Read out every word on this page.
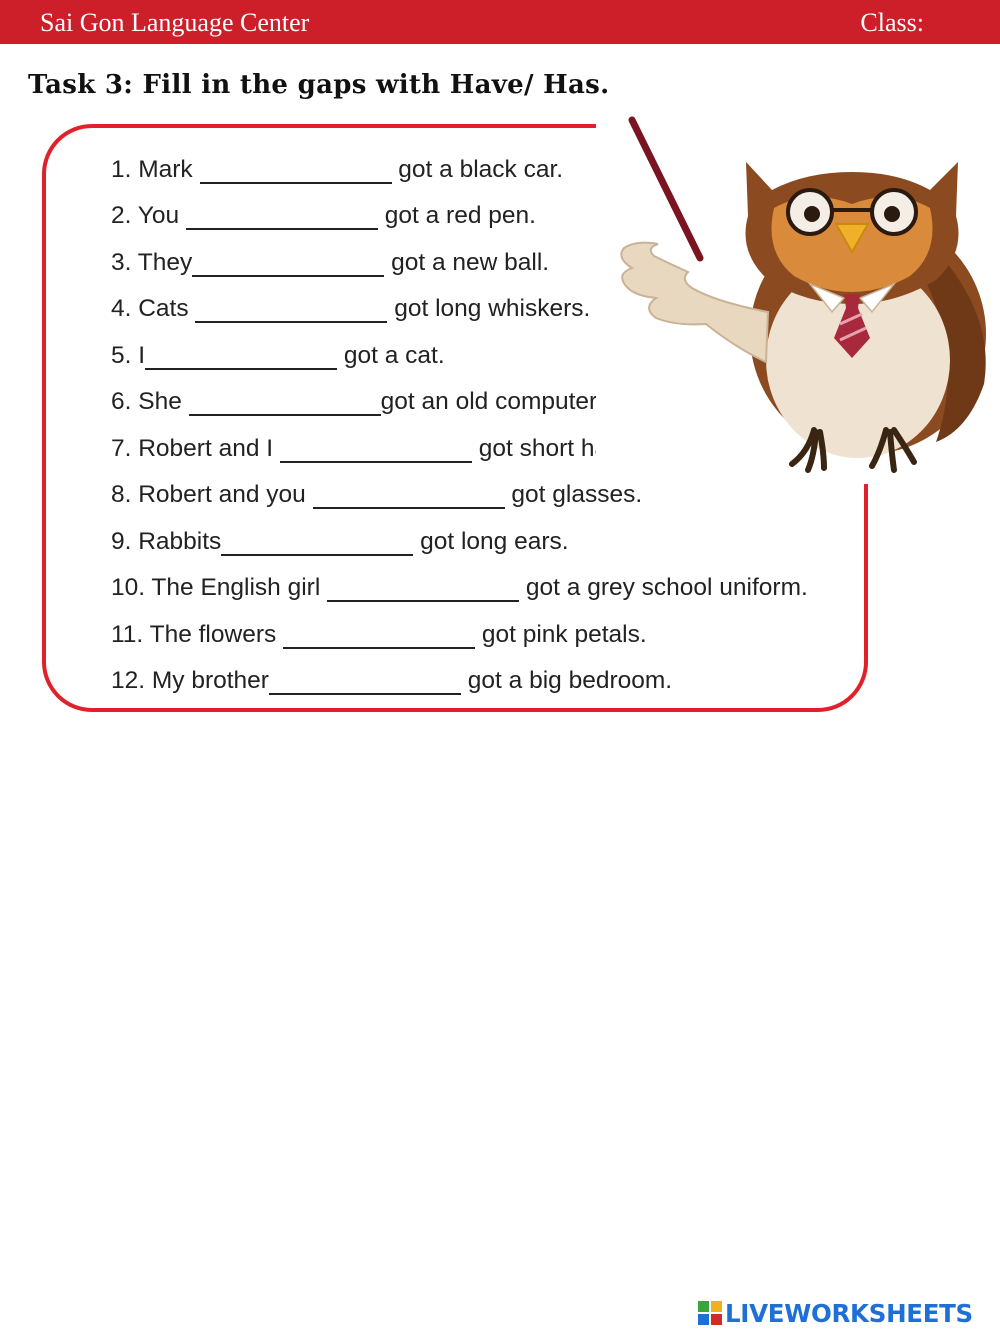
Sai Gon Language Center	Class:
Task 3: Fill in the gaps with Have/ Has.
1. Mark	got a black car.
2. You	got a red pen.
3. They	got a new ball.
4. Cats	got long whiskers.
5. I	got a cat.
6. She	got an old computer.
7. Robert and I	got short hair.
8. Robert and you	got glasses.
9. Rabbits	got long ears.
10. The English girl	got a grey school uniform.
11. The flowers	got pink petals.
12. My brother	got a big bedroom.
LIVEWORKSHEETS
